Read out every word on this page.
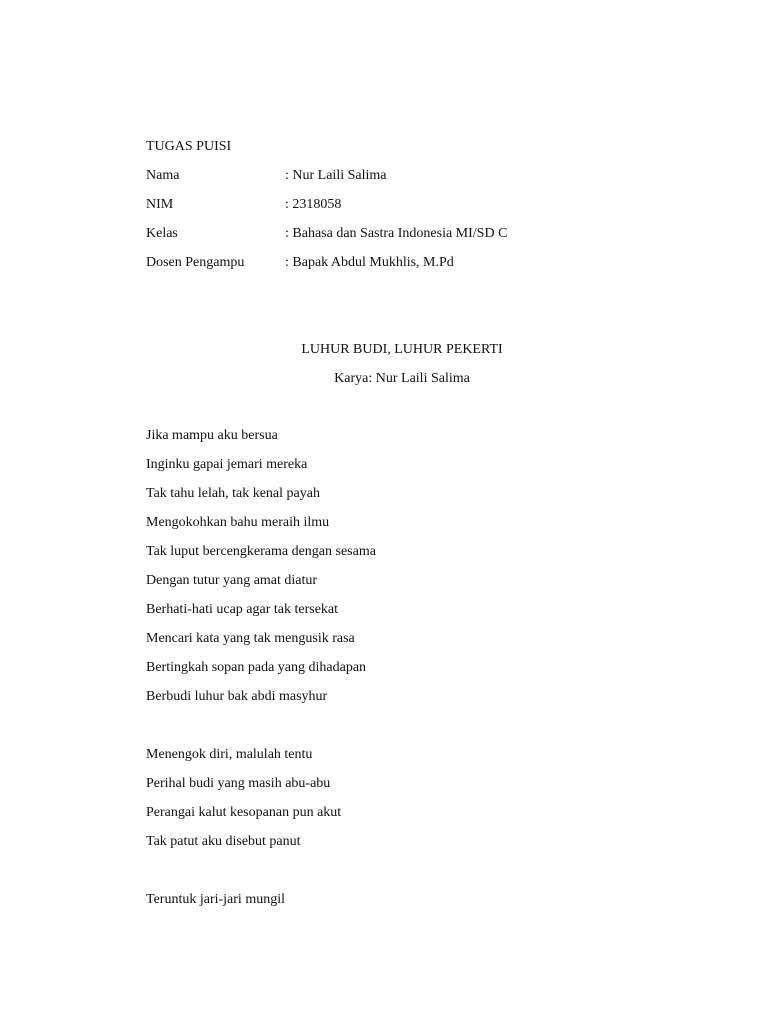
TUGAS PUISI
Nama	: Nur Laili Salima
NIM	: 2318058
Kelas	: Bahasa dan Sastra Indonesia MI/SD C
Dosen Pengampu	: Bapak Abdul Mukhlis, M.Pd
LUHUR BUDI, LUHUR PEKERTI
Karya: Nur Laili Salima
Jika mampu aku bersua
Inginku gapai jemari mereka
Tak tahu lelah, tak kenal payah
Mengokohkan bahu meraih ilmu
Tak luput bercengkerama dengan sesama
Dengan tutur yang amat diatur
Berhati-hati ucap agar tak tersekat
Mencari kata yang tak mengusik rasa
Bertingkah sopan pada yang dihadapan
Berbudi luhur bak abdi masyhur
Menengok diri, malulah tentu
Perihal budi yang masih abu-abu
Perangai kalut kesopanan pun akut
Tak patut aku disebut panut
Teruntuk jari-jari mungil
